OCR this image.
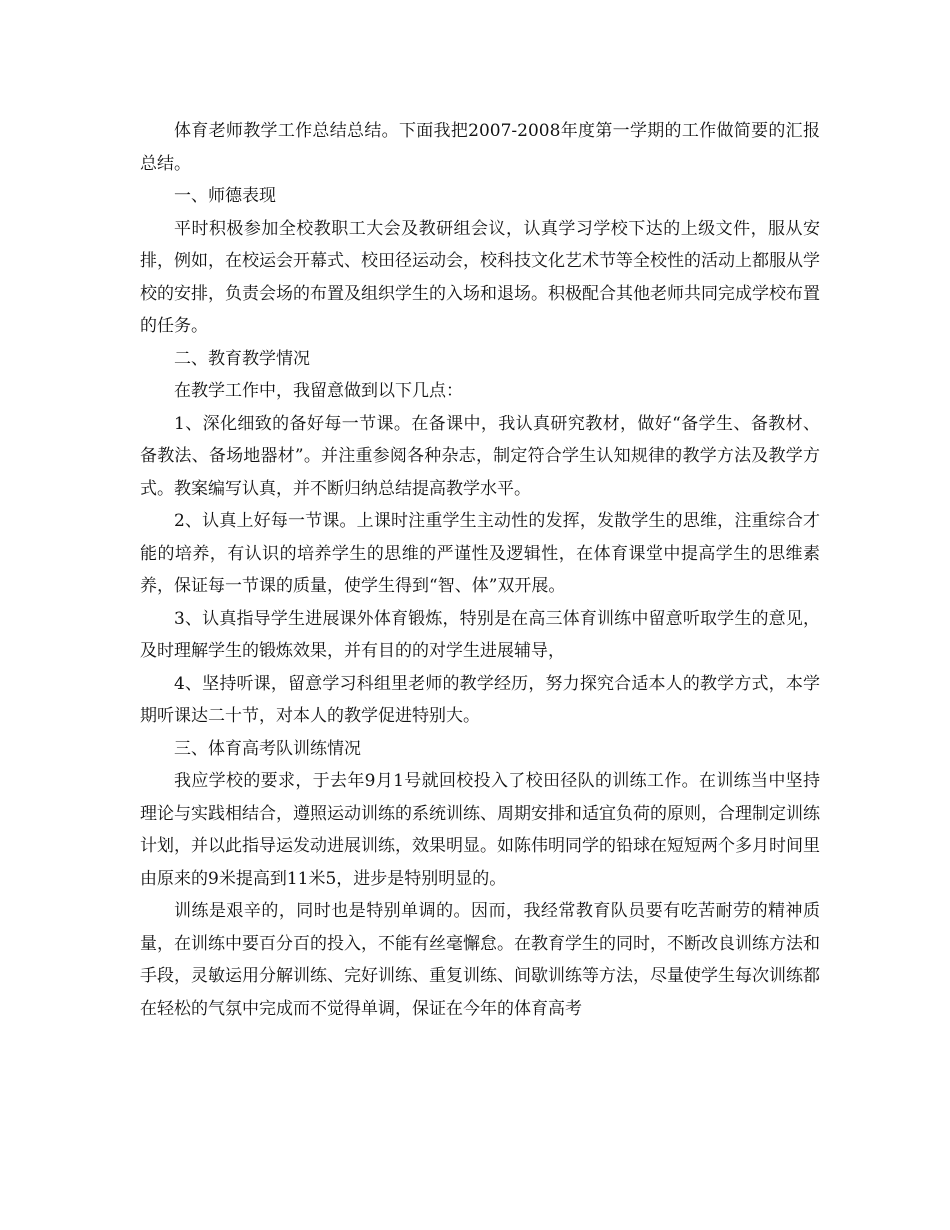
体育老师教学工作总结总结。下面我把2007-2008年度第一学期的工作做简要的汇报总结。

一、师德表现

平时积极参加全校教职工大会及教研组会议，认真学习学校下达的上级文件，服从安排，例如，在校运会开幕式、校田径运动会，校科技文化艺术节等全校性的活动上都服从学校的安排，负责会场的布置及组织学生的入场和退场。积极配合其他老师共同完成学校布置的任务。

二、教育教学情况

在教学工作中，我留意做到以下几点：

1、深化细致的备好每一节课。在备课中，我认真研究教材，做好“备学生、备教材、备教法、备场地器材”。并注重参阅各种杂志，制定符合学生认知规律的教学方法及教学方式。教案编写认真，并不断归纳总结提高教学水平。

2、认真上好每一节课。上课时注重学生主动性的发挥，发散学生的思维，注重综合才能的培养，有认识的培养学生的思维的严谨性及逻辑性，在体育课堂中提高学生的思维素养，保证每一节课的质量，使学生得到“智、体”双开展。

3、认真指导学生进展课外体育锻炼，特别是在高三体育训练中留意听取学生的意见，及时理解学生的锻炼效果，并有目的的对学生进展辅导，

4、坚持听课，留意学习科组里老师的教学经历，努力探究合适本人的教学方式，本学期听课达二十节，对本人的教学促进特别大。

三、体育高考队训练情况

我应学校的要求，于去年9月1号就回校投入了校田径队的训练工作。在训练当中坚持理论与实践相结合，遵照运动训练的系统训练、周期安排和适宜负荷的原则，合理制定训练计划，并以此指导运发动进展训练，效果明显。如陈伟明同学的铅球在短短两个多月时间里由原来的9米提高到11米5，进步是特别明显的。

训练是艰辛的，同时也是特别单调的。因而，我经常教育队员要有吃苦耐劳的精神质量，在训练中要百分百的投入，不能有丝毫懈怠。在教育学生的同时，不断改良训练方法和手段，灵敏运用分解训练、完好训练、重复训练、间歇训练等方法，尽量使学生每次训练都在轻松的气氛中完成而不觉得单调，保证在今年的体育高考
